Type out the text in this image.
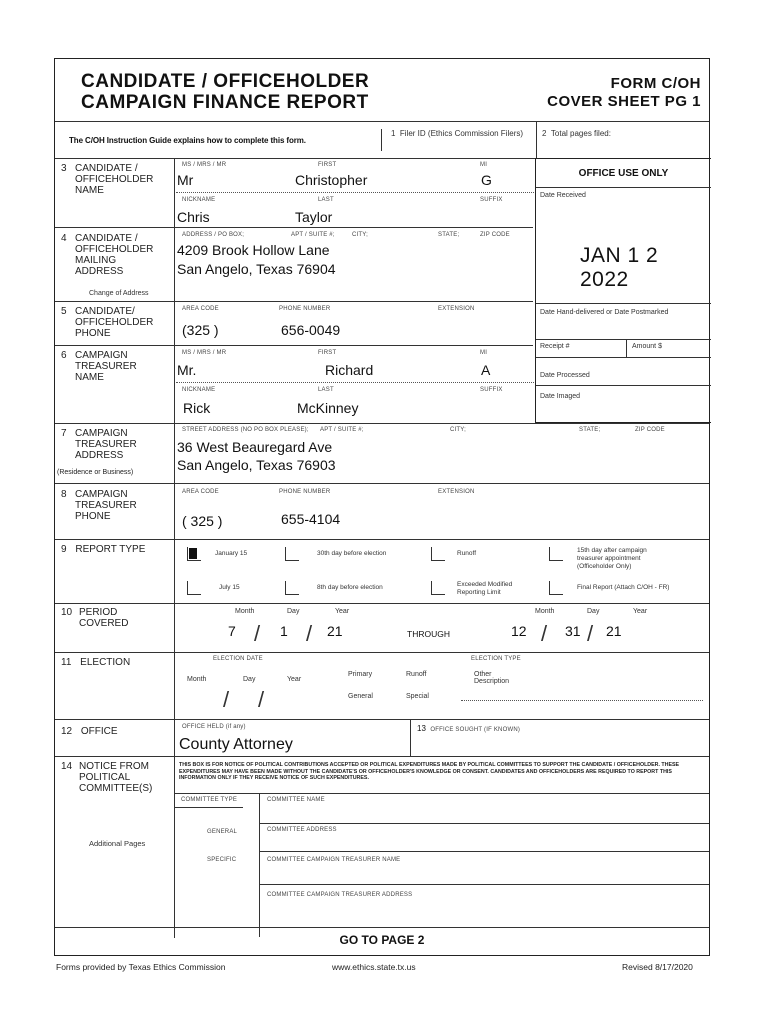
CANDIDATE / OFFICEHOLDER
CAMPAIGN FINANCE REPORT
FORM C/OH
COVER SHEET PG 1
The C/OH Instruction Guide explains how to complete this form.
1 Filer ID (Ethics Commission Filers) 2 Total pages filed:
OFFICE USE ONLY
Date Received
JAN 1 2 2022
Date Hand-delivered or Date Postmarked
Receipt #	Amount $
Date Processed
Date Imaged
3 CANDIDATE / OFFICEHOLDER NAME
MS / MRS / MR	FIRST	MI
Mr	Christopher	G
NICKNAME	LAST	SUFFIX
Chris	Taylor
4 CANDIDATE / OFFICEHOLDER MAILING ADDRESS
Change of Address
ADDRESS / PO BOX;	APT / SUITE #;	CITY;	STATE;	ZIP CODE
4209 Brook Hollow Lane
San Angelo, Texas 76904
5 CANDIDATE/ OFFICEHOLDER PHONE
AREA CODE	PHONE NUMBER	EXTENSION
(325 )	656-0049
6 CAMPAIGN TREASURER NAME
MS / MRS / MR	FIRST	MI
Mr.	Richard	A
NICKNAME	LAST	SUFFIX
Rick	McKinney
7 CAMPAIGN TREASURER ADDRESS
(Residence or Business)
STREET ADDRESS (NO PO BOX PLEASE); APT / SUITE #;	CITY;	STATE;	ZIP CODE
36 West Beauregard Ave
San Angelo, Texas 76903
8 CAMPAIGN TREASURER PHONE
AREA CODE	PHONE NUMBER	EXTENSION
( 325 )	655-4104
9 REPORT TYPE	January 15	30th day before election	Runoff	15th day after campaign
treasurer appointment
(Officeholder Only)
July 15	8th day before election	Exceeded Modified
Reporting Limit
Final Report (Attach C/OH - FR)
10 PERIOD COVERED
Month	Day	Year	Month	Day	Year
7 / 1 / 21	THROUGH	12 / 31 / 21
11 ELECTION	ELECTION DATE	ELECTION TYPE
Month	Day	Year
/ /
Primary	Runoff	Other
Description
General	Special
12 OFFICE	OFFICE HELD (if any)
County Attorney
13 OFFICE SOUGHT (IF KNOWN)
14 NOTICE FROM POLITICAL COMMITTEE(S)
Additional Pages
THIS BOX IS FOR NOTICE OF POLITICAL CONTRIBUTIONS ACCEPTED OR POLITICAL EXPENDITURES MADE BY POLITICAL COMMITTEES TO SUPPORT THE CANDIDATE / OFFICEHOLDER. THESE EXPENDITURES MAY HAVE BEEN MADE WITHOUT THE CANDIDATE'S OR OFFICEHOLDER'S KNOWLEDGE OR CONSENT. CANDIDATES AND OFFICEHOLDERS ARE REQUIRED TO REPORT THIS INFORMATION ONLY IF THEY RECEIVE NOTICE OF SUCH EXPENDITURES.
COMMITTEE TYPE	COMMITTEE NAME
GENERAL	COMMITTEE ADDRESS
SPECIFIC	COMMITTEE CAMPAIGN TREASURER NAME
COMMITTEE CAMPAIGN TREASURER ADDRESS
GO TO PAGE 2
Forms provided by Texas Ethics Commission	www.ethics.state.tx.us	Revised 8/17/2020
